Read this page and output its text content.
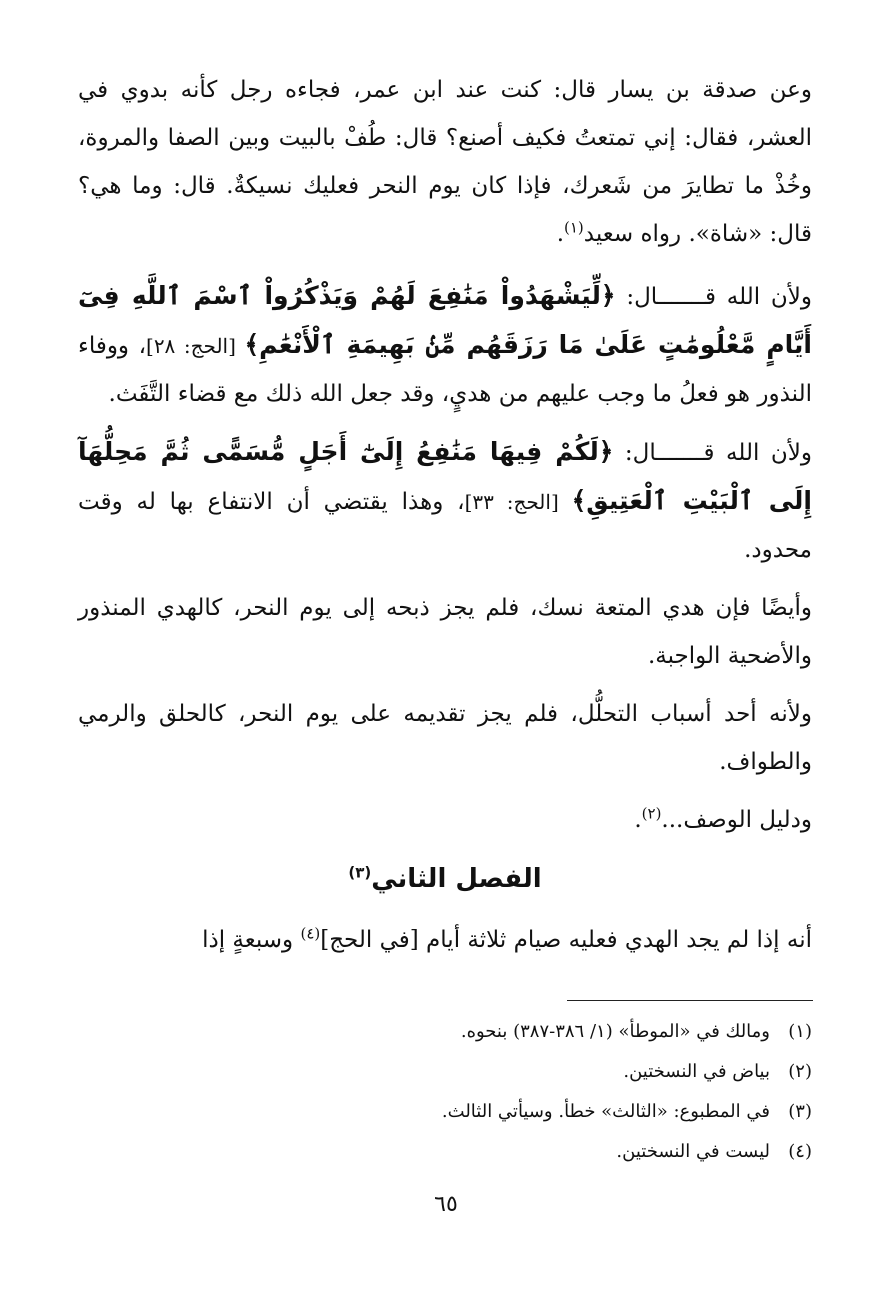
وعن صدقة بن يسار قال: كنت عند ابن عمر، فجاءه رجل كأنه بدوي في العشر، فقال: إني تمتعتُ فكيف أصنع؟ قال: طُفْ بالبيت وبين الصفا والمروة، وخُذْ ما تطايرَ من شَعرك، فإذا كان يوم النحر فعليك نسيكةٌ. قال: وما هي؟ قال: «شاة». رواه سعيد$^{(١)}$.

ولأن الله قـــــــال: ﴿لِّيَشْهَدُواْ مَنَٰفِعَ لَهُمْ وَيَذْكُرُواْ ٱسْمَ ٱللَّهِ فِىٓ أَيَّامٍ مَّعْلُومَٰتٍ عَلَىٰ مَا رَزَقَهُم مِّنۢ بَهِيمَةِ ٱلْأَنْعَٰمِ﴾ [الحج: ٢٨]، ووفاء النذور هو فعلُ ما وجب عليهم من هديٍ، وقد جعل الله ذلك مع قضاء التَّفَث.

ولأن الله قـــــــال: ﴿لَكُمْ فِيهَا مَنَٰفِعُ إِلَىٰٓ أَجَلٍ مُّسَمًّى ثُمَّ مَحِلُّهَآ إِلَى ٱلْبَيْتِ ٱلْعَتِيقِ﴾ [الحج: ٣٣]، وهذا يقتضي أن الانتفاع بها له وقت محدود.

وأيضًا فإن هدي المتعة نسك، فلم يجز ذبحه إلى يوم النحر، كالهدي المنذور والأضحية الواجبة.

ولأنه أحد أسباب التحلُّل، فلم يجز تقديمه على يوم النحر، كالحلق والرمي والطواف.

ودليل الوصف...$^{(٢)}$.

الفصل الثاني$^{(٣)}$

أنه إذا لم يجد الهدي فعليه صيام ثلاثة أيام [في الحج]$^{(٤)}$ وسبعةٍ إذا

(١)ومالك في «الموطأ» (١/ ٣٨٦-٣٨٧) بنحوه.
(٢)بياض في النسختين.
(٣)في المطبوع: «الثالث» خطأ. وسيأتي الثالث.
(٤)ليست في النسختين.
٦٥
